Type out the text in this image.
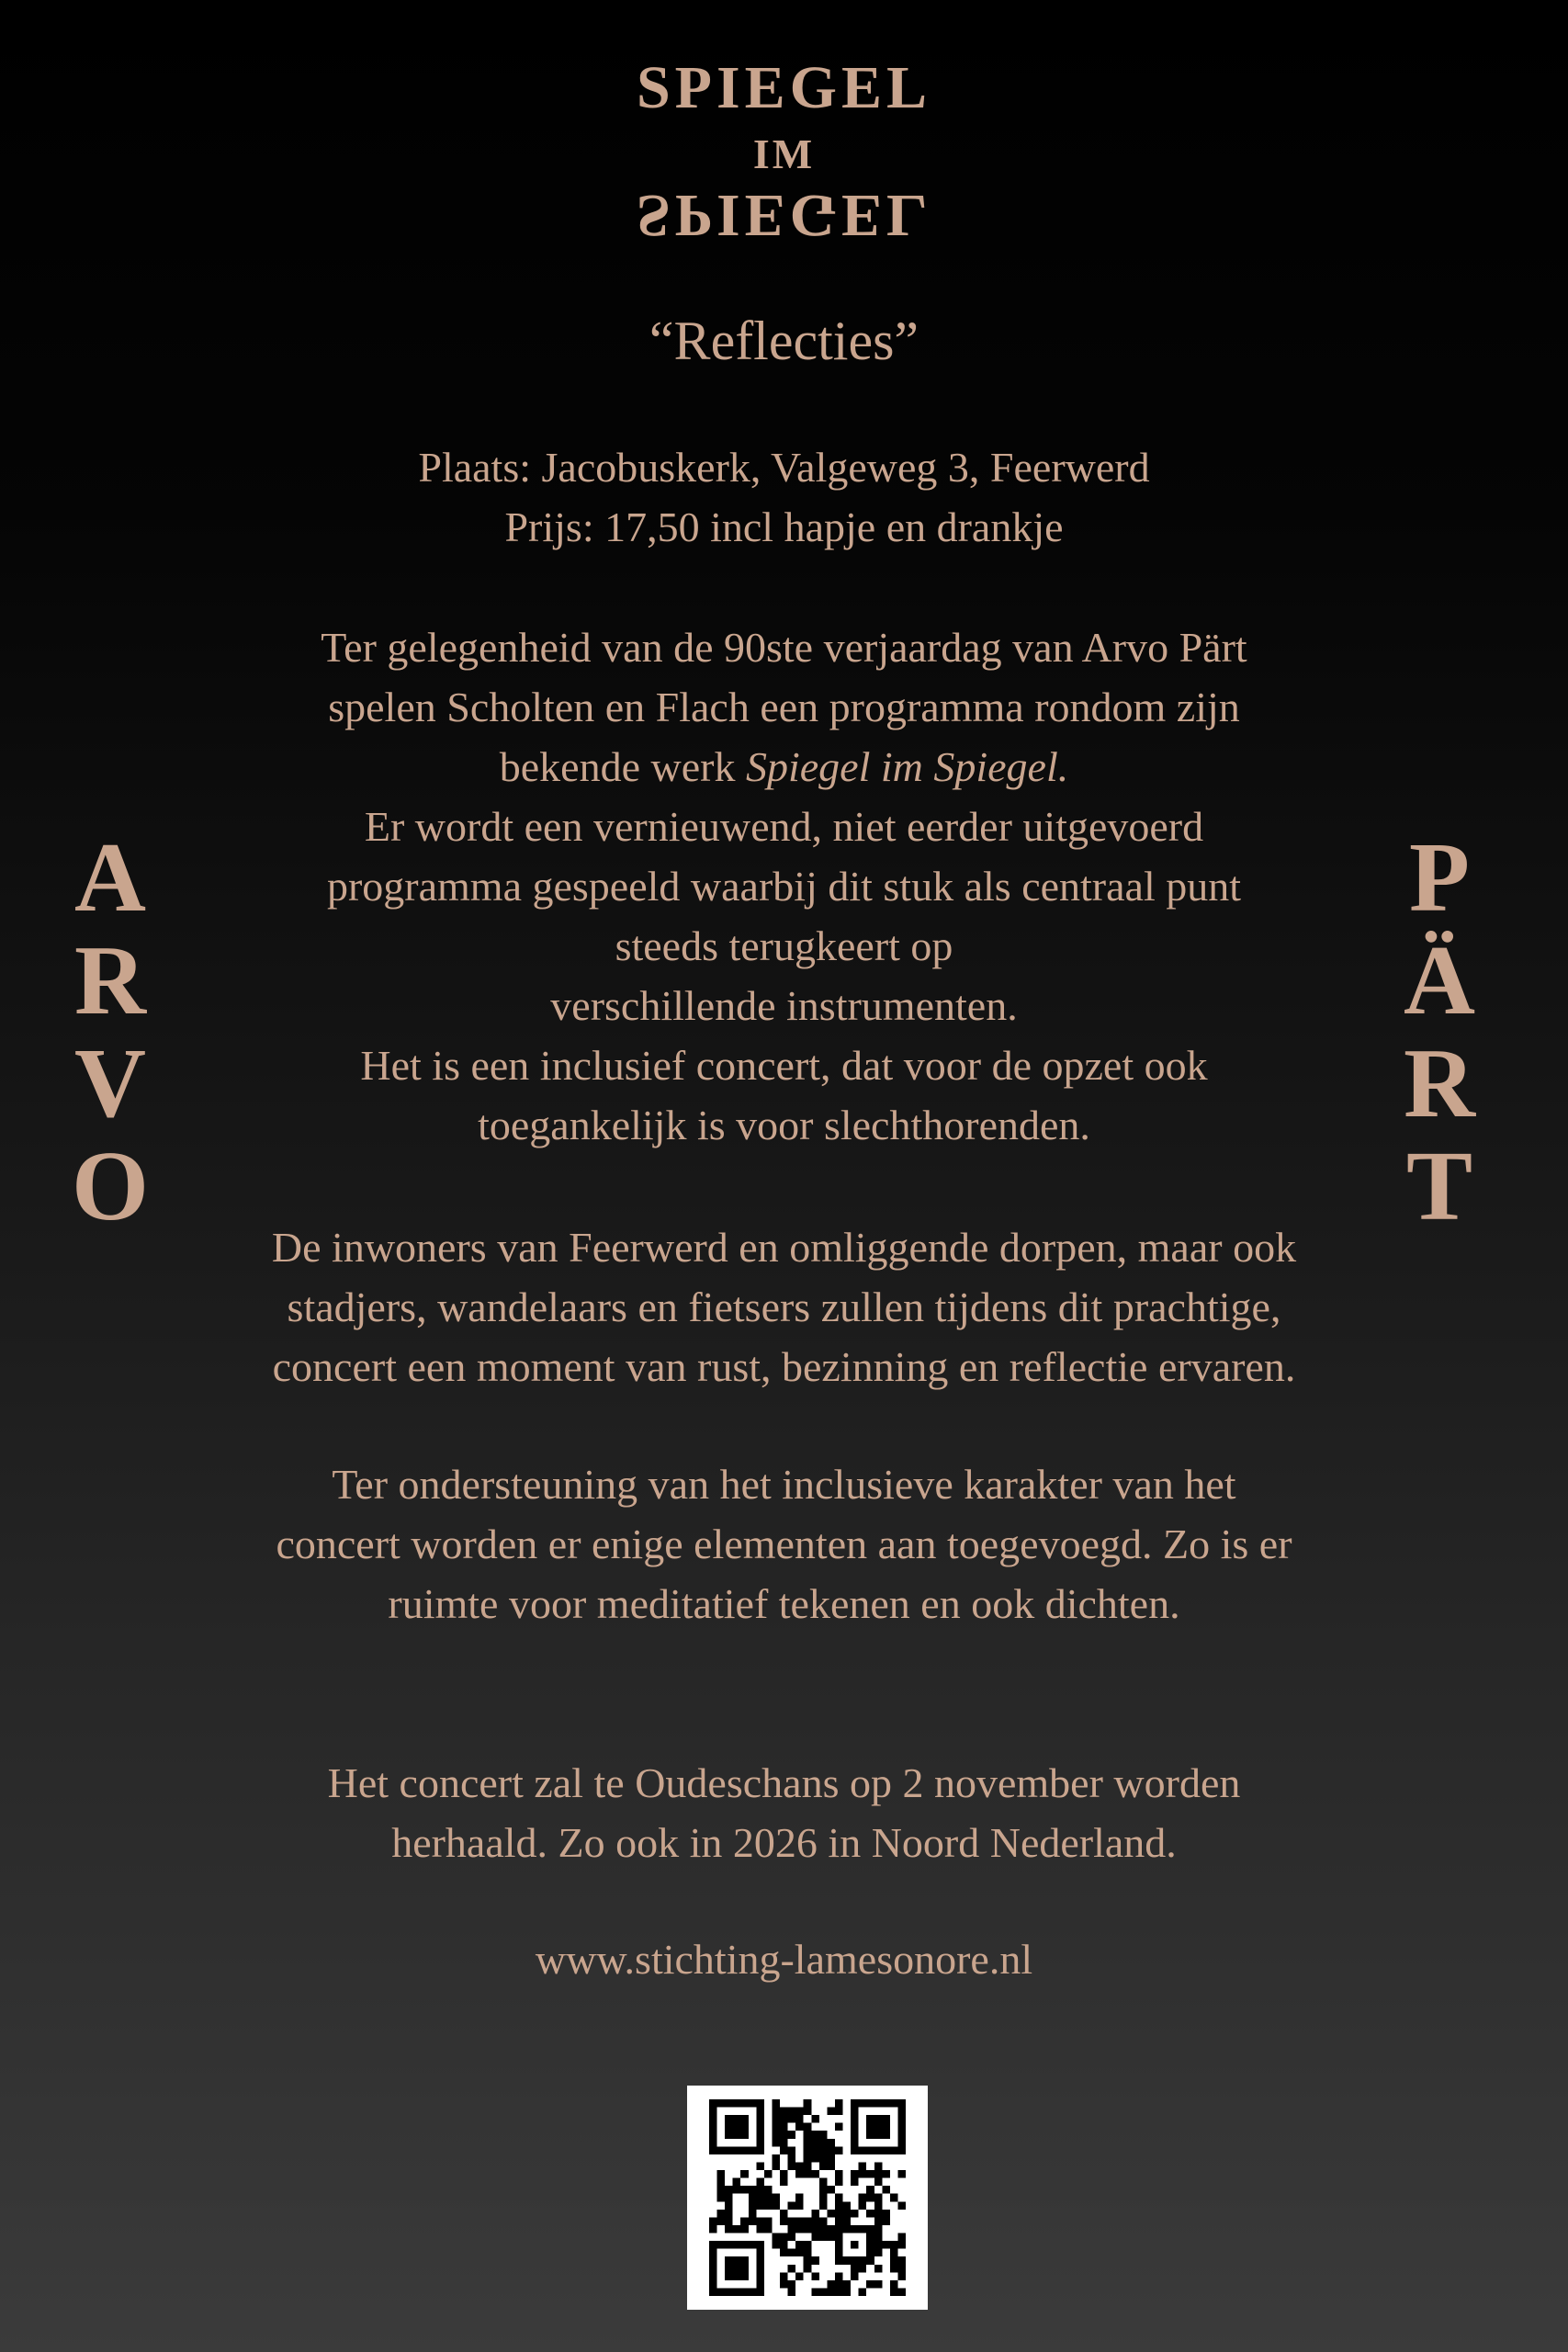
SPIEGEL
IM
SPIEGEL
“Reflecties”
Plaats: Jacobuskerk, Valgeweg 3, Feerwerd
Prijs: 17,50 incl hapje en drankje
A
R
V
O
P
Ä
R
T
Ter gelegenheid van de 90ste verjaardag van Arvo Pärt
spelen Scholten en Flach een programma rondom zijn
bekende werk Spiegel im Spiegel.
Er wordt een vernieuwend, niet eerder uitgevoerd
programma gespeeld waarbij dit stuk als centraal punt
steeds terugkeert op
verschillende instrumenten.
Het is een inclusief concert, dat voor de opzet ook
toegankelijk is voor slechthorenden.
De inwoners van Feerwerd en omliggende dorpen, maar ook
stadjers, wandelaars en fietsers zullen tijdens dit prachtige,
concert een moment van rust, bezinning en reflectie ervaren.
Ter ondersteuning van het inclusieve karakter van het
concert worden er enige elementen aan toegevoegd. Zo is er
ruimte voor meditatief tekenen en ook dichten.
Het concert zal te Oudeschans op 2 november worden
herhaald. Zo ook in 2026 in Noord Nederland.
www.stichting-lamesonore.nl
